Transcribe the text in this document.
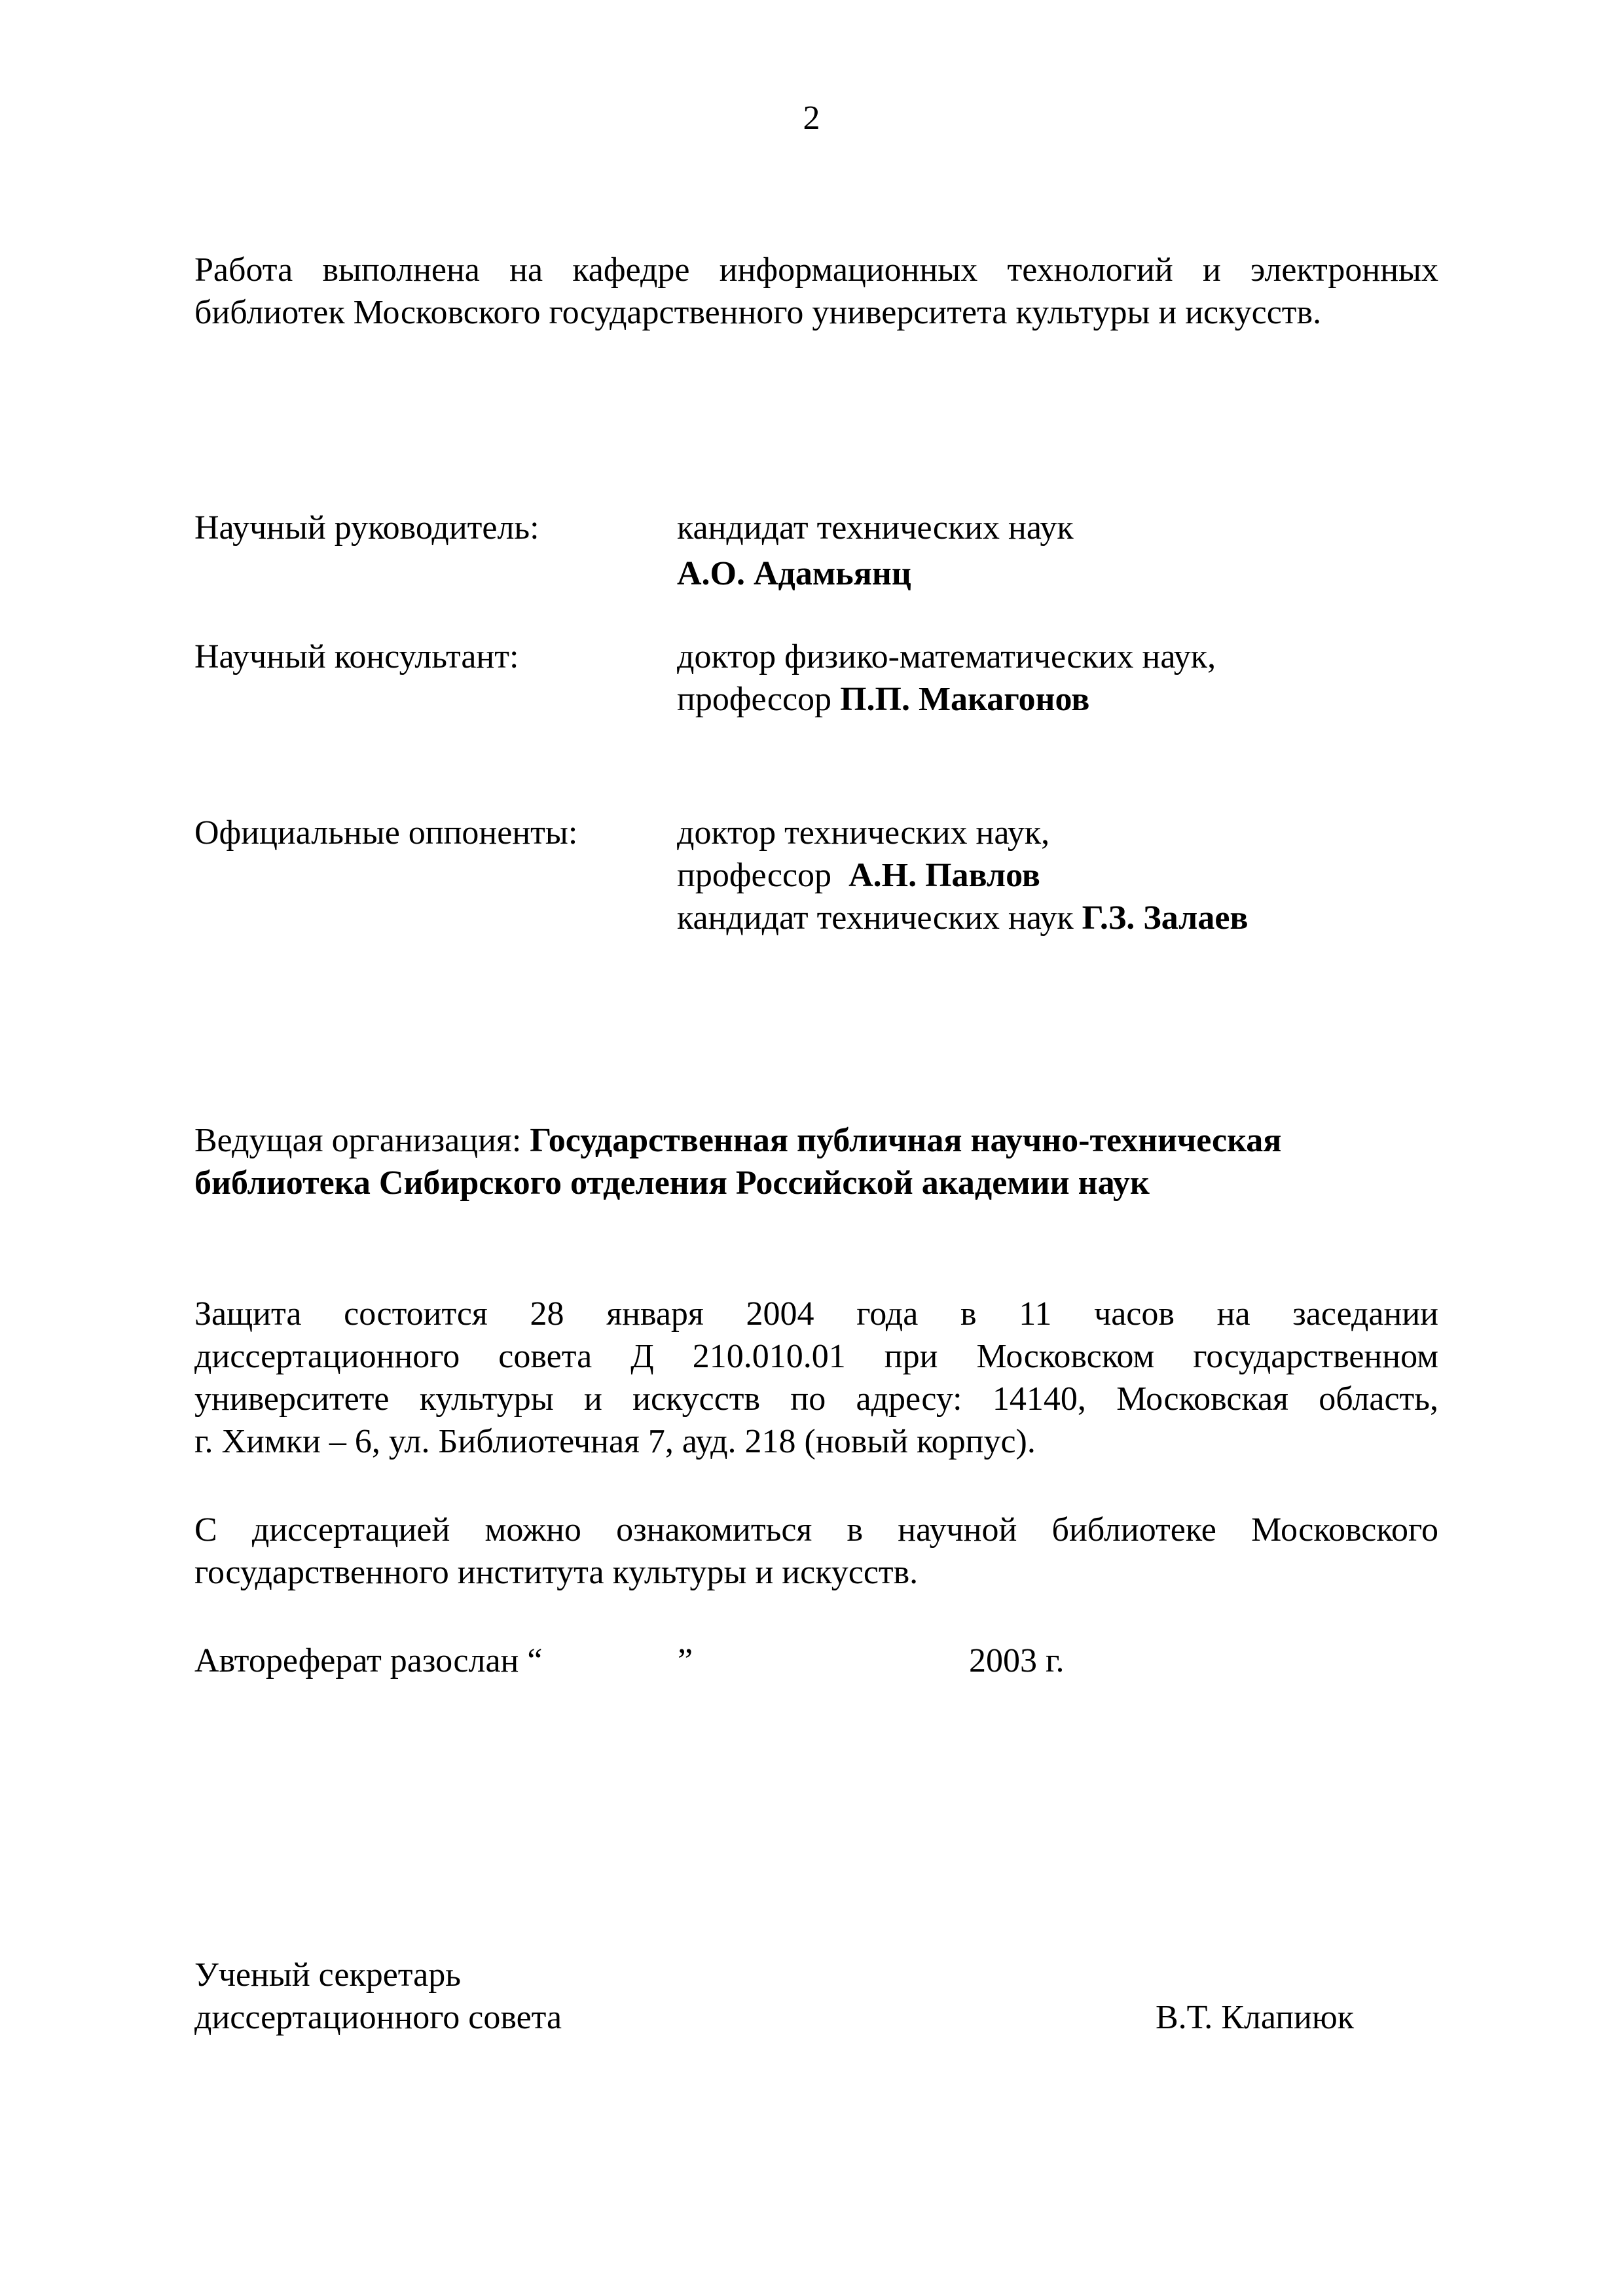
2
Работа выполнена на кафедре информационных технологий и электронных библиотек Московского государственного университета культуры и искусств.
Научный руководитель:	кандидат технических наук
А.О. Адамьянц
Научный консультант:	доктор физико-математических наук,
профессор П.П. Макагонов
Официальные оппоненты:	доктор технических наук,
профессор А.Н. Павлов
кандидат технических наук Г.З. Залаев
Ведущая организация: Государственная публичная научно-техническая
библиотека Сибирского отделения Российской академии наук
Защита состоится 28 января 2004 года в 11 часов на заседании
диссертационного совета Д 210.010.01 при Московском государственном
университете культуры и искусств по адресу: 14140, Московская область,
г. Химки – 6, ул. Библиотечная 7, ауд. 218 (новый корпус).
С диссертацией можно ознакомиться в научной библиотеке Московского
государственного института культуры и искусств.
Автореферат разослан “	”	2003 г.
Ученый секретарь
диссертационного совета	В.Т. Клапиюк
